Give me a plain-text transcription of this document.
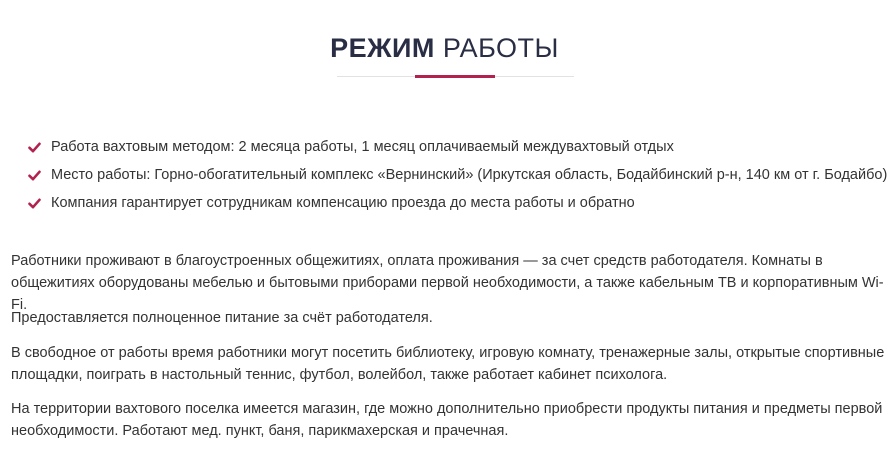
РЕЖИМ РАБОТЫ
Работа вахтовым методом: 2 месяца работы, 1 месяц оплачиваемый междувахтовый отдых
Место работы: Горно-обогатительный комплекс «Вернинский» (Иркутская область, Бодайбинский р-н, 140 км от г. Бодайбо)
Компания гарантирует сотрудникам компенсацию проезда до места работы и обратно

Работники проживают в благоустроенных общежитиях, оплата проживания — за счет средств работодателя. Комнаты в общежитиях оборудованы мебелью и бытовыми приборами первой необходимости, а также кабельным ТВ и корпоративным Wi-Fi.

Предоставляется полноценное питание за счёт работодателя.

В свободное от работы время работники могут посетить библиотеку, игровую комнату, тренажерные залы, открытые спортивные площадки, поиграть в настольный теннис, футбол, волейбол, также работает кабинет психолога.

На территории вахтового поселка имеется магазин, где можно дополнительно приобрести продукты питания и предметы первой необходимости. Работают мед. пункт, баня, парикмахерская и прачечная.
